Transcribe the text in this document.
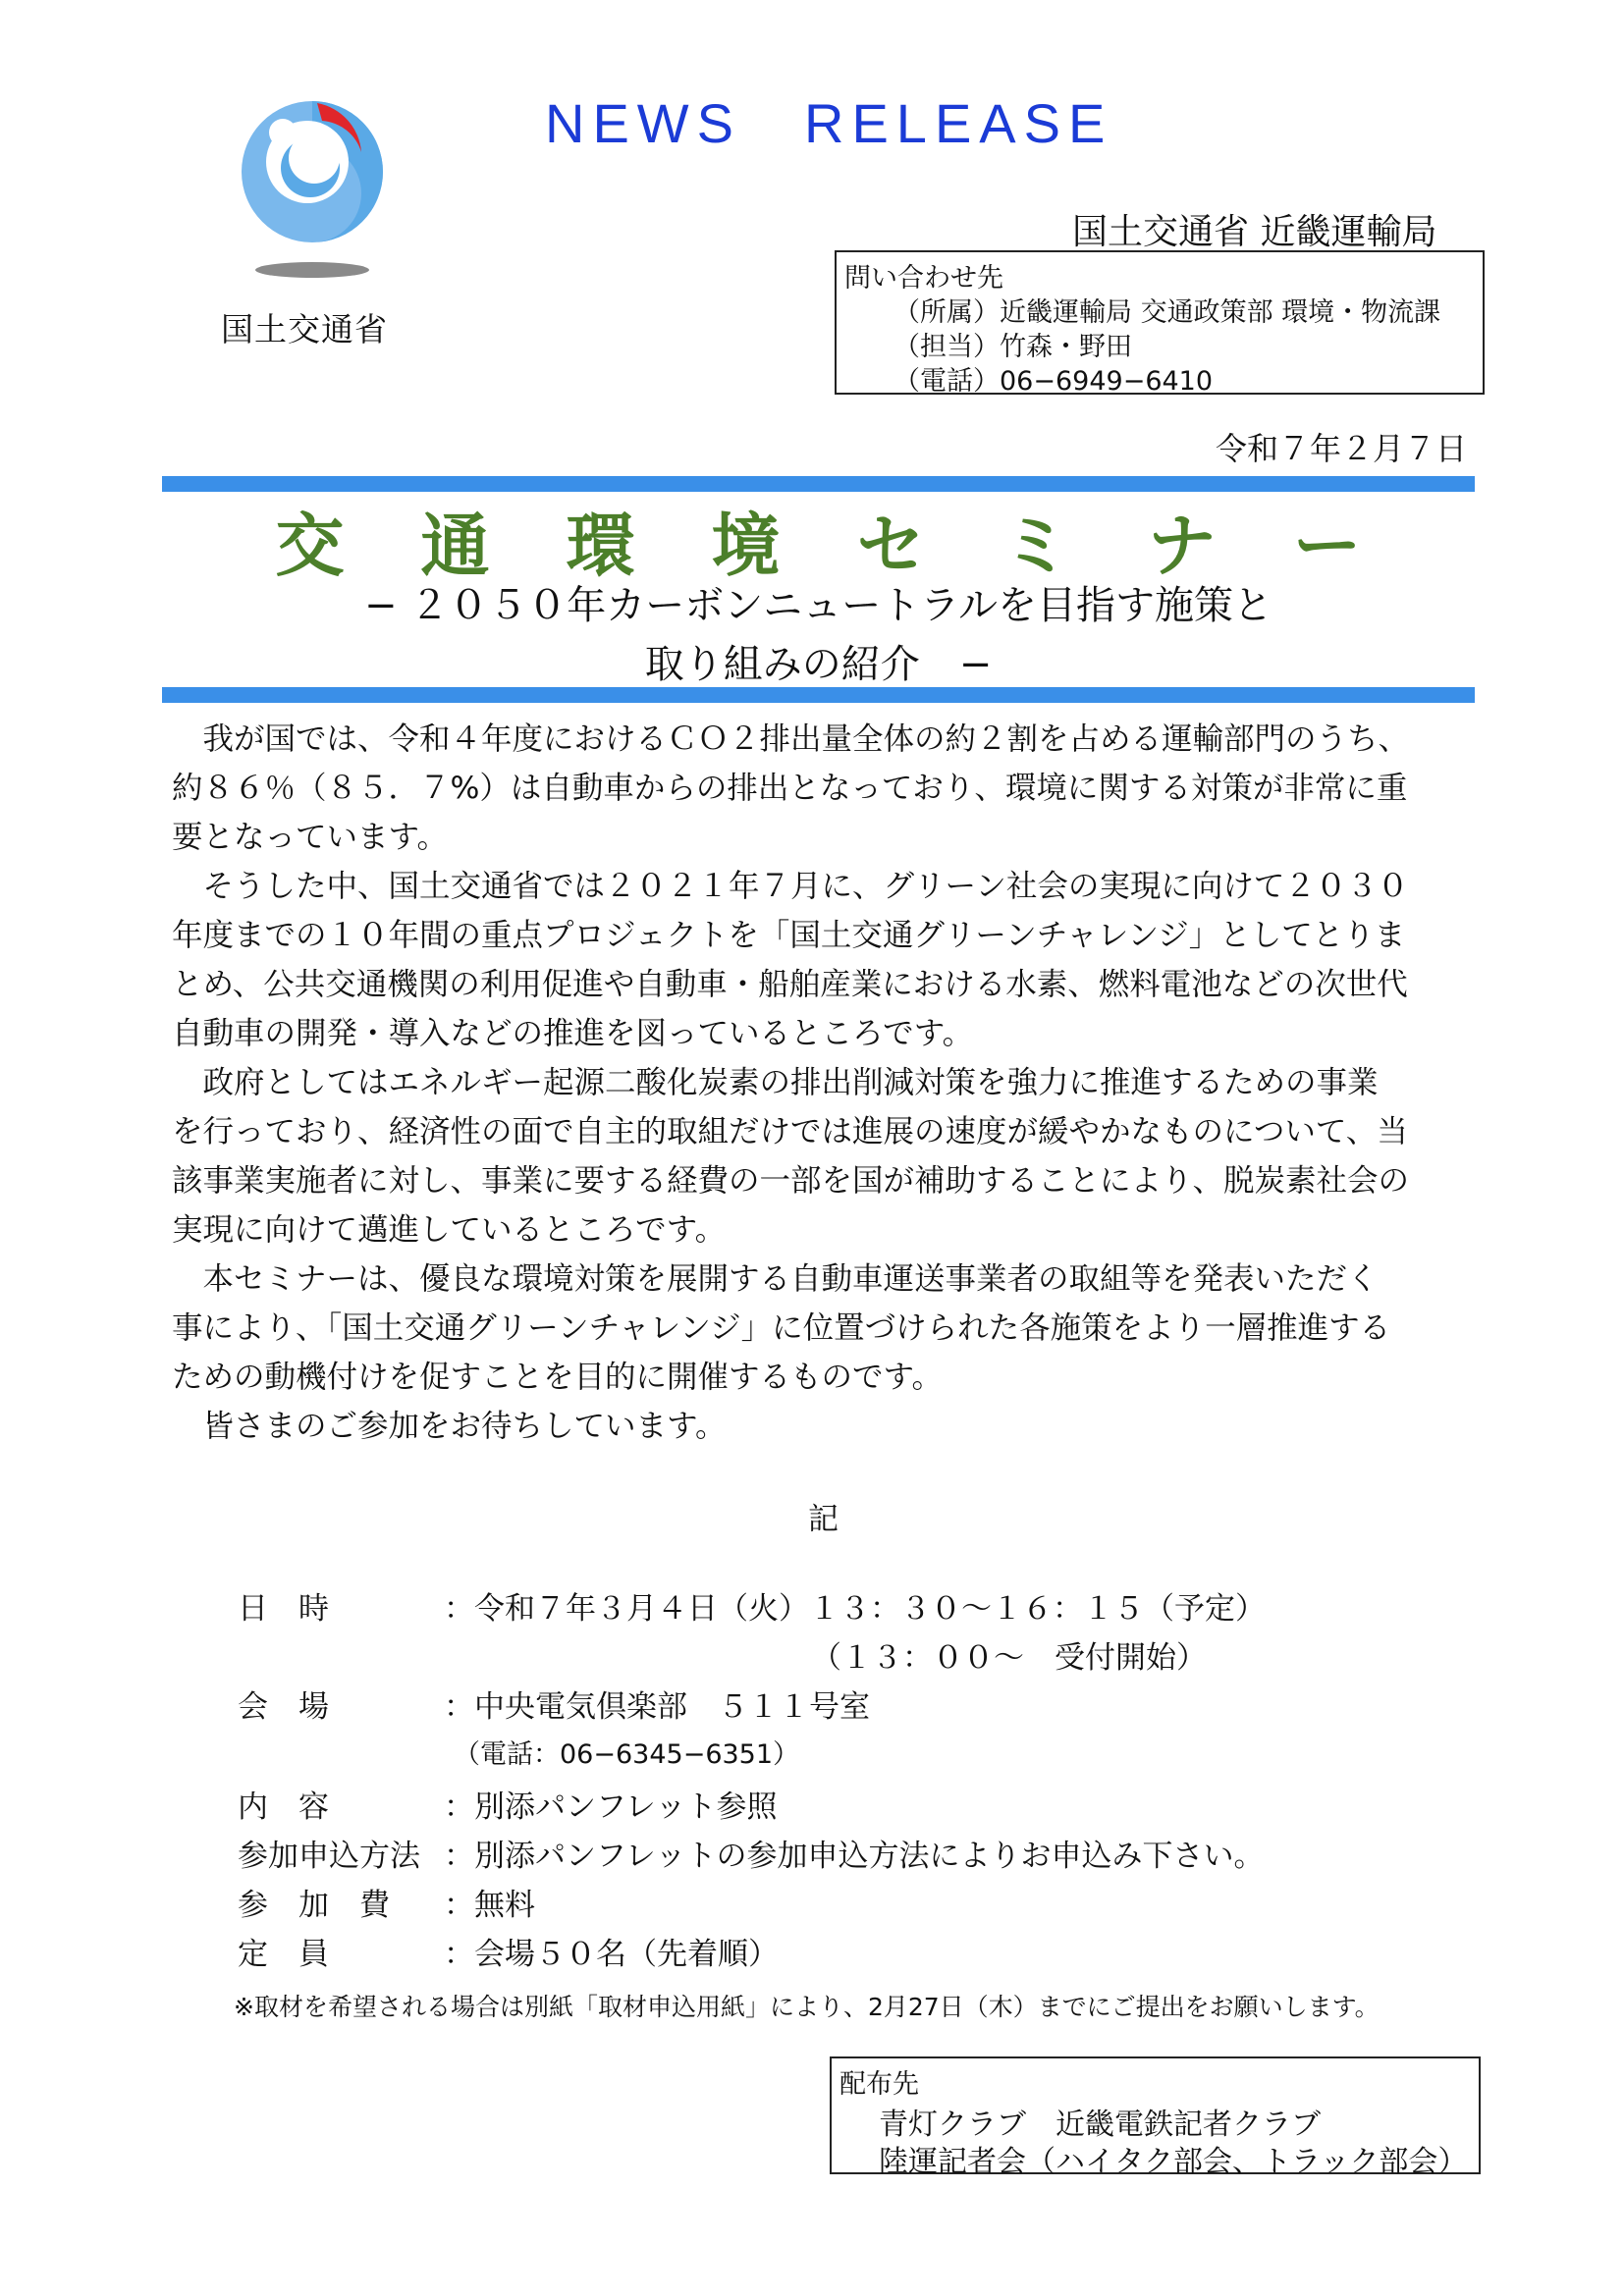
国土交通省
NEWS　RELEASE
国土交通省 近畿運輸局
問い合わせ先
（所属）近畿運輸局 交通政策部 環境・物流課
（担当）竹森・野田
（電話）06−6949−6410
令和７年２月７日
交通環境セミナー
− ２０５０年カーボンニュートラルを目指す施策と
取り組みの紹介　−
　我が国では、令和４年度におけるＣＯ２排出量全体の約２割を占める運輸部門のうち、
約８６％（８５．７%）は自動車からの排出となっており、環境に関する対策が非常に重
要となっています。
　そうした中、国土交通省では２０２１年７月に、グリーン社会の実現に向けて２０３０
年度までの１０年間の重点プロジェクトを「国土交通グリーンチャレンジ」としてとりま
とめ、公共交通機関の利用促進や自動車・船舶産業における水素、燃料電池などの次世代
自動車の開発・導入などの推進を図っているところです。
　政府としてはエネルギー起源二酸化炭素の排出削減対策を強力に推進するための事業
を行っており、経済性の面で自主的取組だけでは進展の速度が緩やかなものについて、当
該事業実施者に対し、事業に要する経費の一部を国が補助することにより、脱炭素社会の
実現に向けて邁進しているところです。
　本セミナーは、優良な環境対策を展開する自動車運送事業者の取組等を発表いただく
事により、「国土交通グリーンチャレンジ」に位置づけられた各施策をより一層推進する
ための動機付けを促すことを目的に開催するものです。
　皆さまのご参加をお待ちしています。
記
日　時	：令和７年３月４日（火）１３：３０〜１６：１５（予定）
（１３：００〜　受付開始）
会　場	：中央電気倶楽部　５１１号室
（電話：06−6345−6351）
内　容	：別添パンフレット参照
参加申込方法 ：別添パンフレットの参加申込方法によりお申込み下さい。
参　加　費 ：無料
定　員	：会場５０名（先着順）
※取材を希望される場合は別紙「取材申込用紙」により、2月27日（木）までにご提出をお願いします。
配布先
青灯クラブ　近畿電鉄記者クラブ
陸運記者会（ハイタク部会、トラック部会）
